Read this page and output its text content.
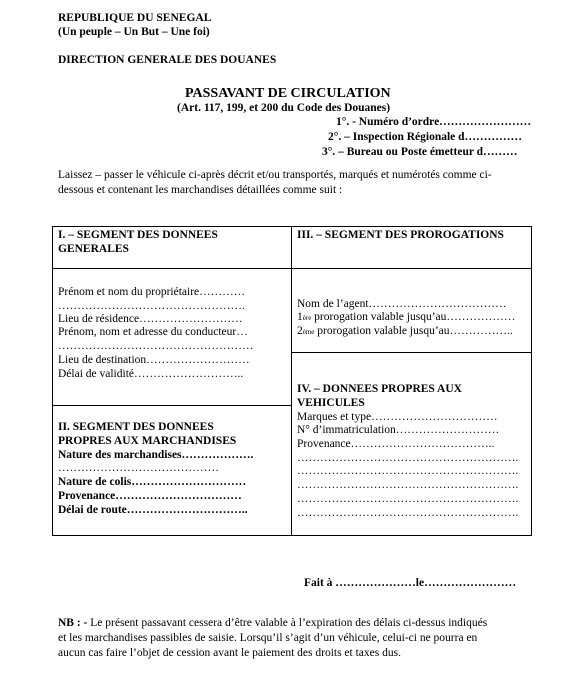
REPUBLIQUE DU SENEGAL
(Un peuple – Un But – Une foi)
DIRECTION GENERALE DES DOUANES
PASSAVANT DE CIRCULATION
(Art. 117, 199, et 200 du Code des Douanes)
1°. - Numéro d’ordre……………………
2°. – Inspection Régionale d……………
3°. – Bureau ou Poste émetteur d………
Laissez – passer le véhicule ci-après décrit et/ou transportés, marqués et numérotés comme ci-
dessous et contenant les marchandises détaillées comme suit :
I. – SEGMENT DES DONNEES
GENERALES
Prénom et nom du propriétaire…………
………………………………………….
Lieu de résidence………………………
Prénom, nom et adresse du conducteur…
……………………………………………
Lieu de destination………………………
Délai de validité………………………..
II. SEGMENT DES DONNEES
PROPRES AUX MARCHANDISES
Nature des marchandises……………….
……………………………………
Nature de colis…………………………
Provenance……………………………
Délai de route…………………………..
III. – SEGMENT DES PROROGATIONS
Nom de l’agent………………………………
1ère prorogation valable jusqu’au………………
2ème prorogation valable jusqu’au……………..
IV. – DONNEES PROPRES AUX
VEHICULES
Marques et type……………………………
N° d’immatriculation………………………
Provenance………………………………..
………………………………………………….
………………………………………………….
………………………………………………….
………………………………………………….
………………………………………………….
Fait à …………………le……………………
NB : - Le présent passavant cessera d’être valable à l’expiration des délais ci-dessus indiqués
et les marchandises passibles de saisie. Lorsqu’il s’agit d’un véhicule, celui-ci ne pourra en
aucun cas faire l’objet de cession avant le paiement des droits et taxes dus.
